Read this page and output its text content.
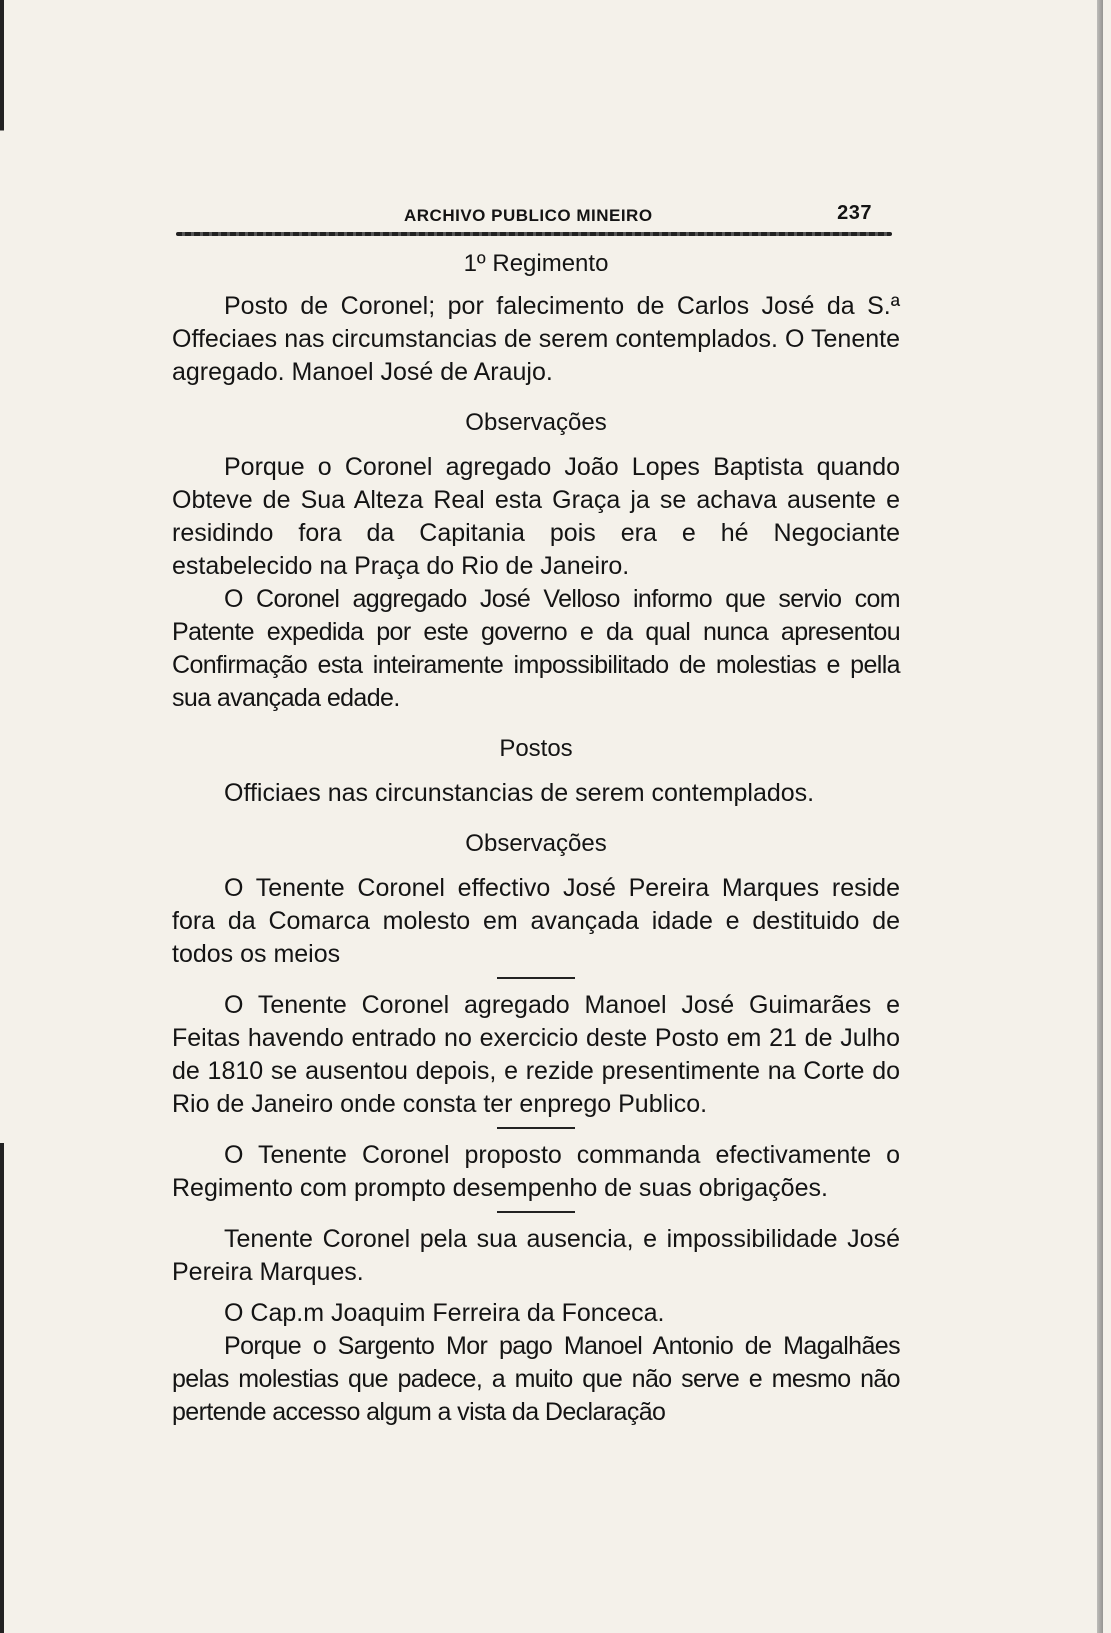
ARCHIVO PUBLICO MINEIRO	237
1º Regimento

Posto de Coronel; por falecimento de Carlos José da S.ª Offeciaes nas circumstancias de serem contemplados. O Tenente agregado. Manoel José de Araujo.

Observações

Porque o Coronel agregado João Lopes Baptista quando Obteve de Sua Alteza Real esta Graça ja se achava ausente e residindo fora da Capitania pois era e hé Negociante estabelecido na Praça do Rio de Janeiro.

O Coronel aggregado José Velloso informo que servio com Patente expedida por este governo e da qual nunca apresentou Confirmação esta inteiramente impossibilitado de molestias e pella sua avançada edade.

Postos

Officiaes nas circunstancias de serem contemplados.

Observações

O Tenente Coronel effectivo José Pereira Marques reside fora da Comarca molesto em avançada idade e destituido de todos os meios

O Tenente Coronel agregado Manoel José Guimarães e Feitas havendo entrado no exercicio deste Posto em 21 de Julho de 1810 se ausentou depois, e rezide presentimente na Corte do Rio de Janeiro onde consta ter enprego Publico.

O Tenente Coronel proposto commanda efectivamente o Regimento com prompto desempenho de suas obrigações.

Tenente Coronel pela sua ausencia, e impossibilidade José Pereira Marques.

O Cap.m Joaquim Ferreira da Fonceca.

Porque o Sargento Mor pago Manoel Antonio de Magalhães pelas molestias que padece, a muito que não serve e mesmo não pertende accesso algum a vista da Declaração
